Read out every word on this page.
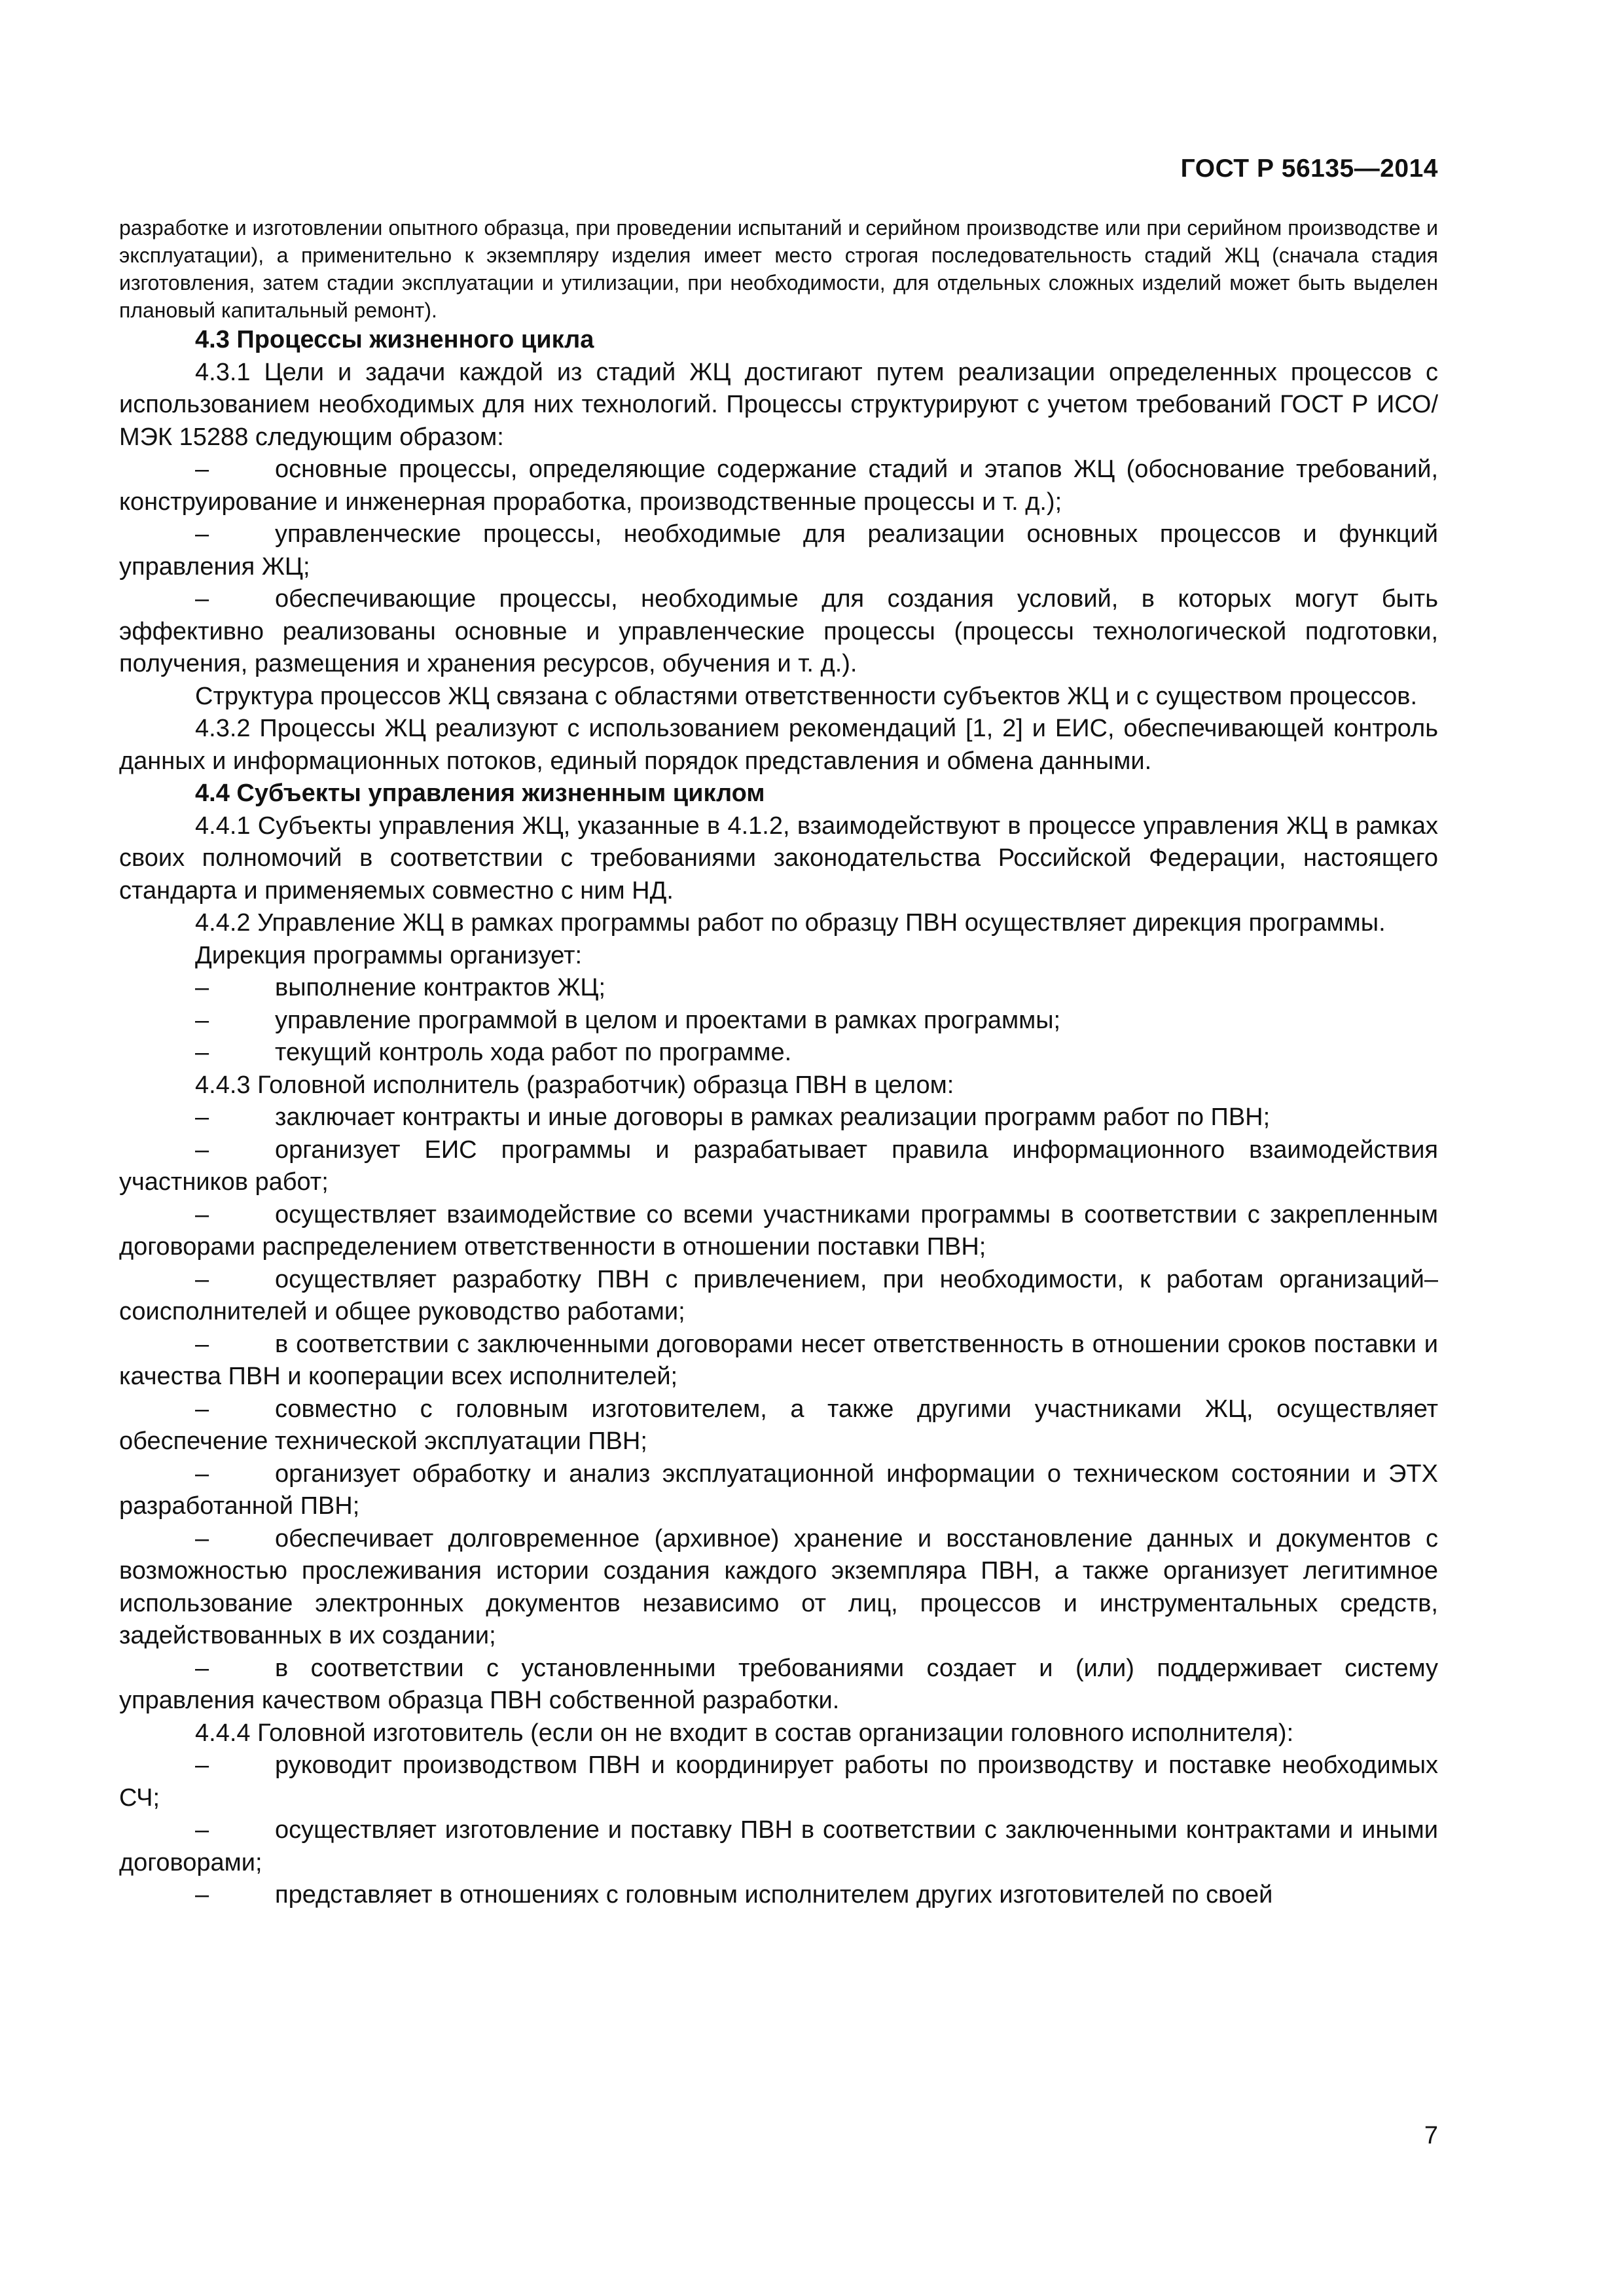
ГОСТ Р 56135—2014

разработке и изготовлении опытного образца, при проведении испытаний и серийном производстве или при серийном производстве и эксплуатации), а применительно к экземпляру изделия имеет место строгая последовательность стадий ЖЦ (сначала стадия изготовления, затем стадии эксплуатации и утилизации, при необходимости, для отдельных сложных изделий может быть выделен плановый капитальный ремонт).

4.3 Процессы жизненного цикла

4.3.1 Цели и задачи каждой из стадий ЖЦ достигают путем реализации определенных процессов с использованием необходимых для них технологий. Процессы структурируют с учетом требований ГОСТ Р ИСО/МЭК 15288 следующим образом:

–	основные процессы, определяющие содержание стадий и этапов ЖЦ (обоснование требований, конструирование и инженерная проработка, производственные процессы и т. д.);

–	управленческие процессы, необходимые для реализации основных процессов и функций управления ЖЦ;

–	обеспечивающие процессы, необходимые для создания условий, в которых могут быть эффективно реализованы основные и управленческие процессы (процессы технологической подготовки, получения, размещения и хранения ресурсов, обучения и т. д.).

Структура процессов ЖЦ связана с областями ответственности субъектов ЖЦ и с существом процессов.

4.3.2 Процессы ЖЦ реализуют с использованием рекомендаций [1, 2] и ЕИС, обеспечивающей контроль данных и информационных потоков, единый порядок представления и обмена данными.

4.4 Субъекты управления жизненным циклом

4.4.1 Субъекты управления ЖЦ, указанные в 4.1.2, взаимодействуют в процессе управления ЖЦ в рамках своих полномочий в соответствии с требованиями законодательства Российской Федерации, настоящего стандарта и применяемых совместно с ним НД.

4.4.2 Управление ЖЦ в рамках программы работ по образцу ПВН осуществляет дирекция программы.

Дирекция программы организует:

–	выполнение контрактов ЖЦ;

–	управление программой в целом и проектами в рамках программы;

–	текущий контроль хода работ по программе.

4.4.3 Головной исполнитель (разработчик) образца ПВН в целом:

–	заключает контракты и иные договоры в рамках реализации программ работ по ПВН;

–	организует ЕИС программы и разрабатывает правила информационного взаимодействия участников работ;

–	осуществляет взаимодействие со всеми участниками программы в соответствии с закрепленным договорами распределением ответственности в отношении поставки ПВН;

–	осуществляет разработку ПВН с привлечением, при необходимости, к работам организаций–соисполнителей и общее руководство работами;

–	в соответствии с заключенными договорами несет ответственность в отношении сроков поставки и качества ПВН и кооперации всех исполнителей;

–	совместно с головным изготовителем, а также другими участниками ЖЦ, осуществляет обеспечение технической эксплуатации ПВН;

–	организует обработку и анализ эксплуатационной информации о техническом состоянии и ЭТХ разработанной ПВН;

–	обеспечивает долговременное (архивное) хранение и восстановление данных и документов с возможностью прослеживания истории создания каждого экземпляра ПВН, а также организует легитимное использование электронных документов независимо от лиц, процессов и инструментальных средств, задействованных в их создании;

–	в соответствии с установленными требованиями создает и (или) поддерживает систему управления качеством образца ПВН собственной разработки.

4.4.4 Головной изготовитель (если он не входит в состав организации головного исполнителя):

–	руководит производством ПВН и координирует работы по производству и поставке необходимых СЧ;

–	осуществляет изготовление и поставку ПВН в соответствии с заключенными контрактами и иными договорами;

–	представляет в отношениях с головным исполнителем других изготовителей по своей

7
